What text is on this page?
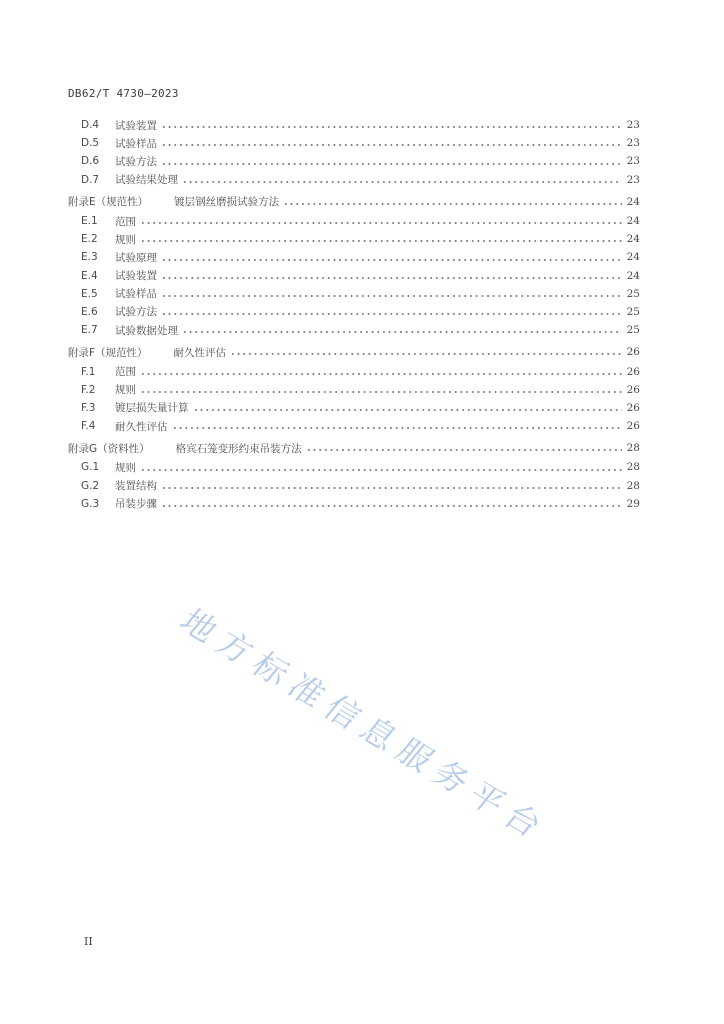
DB62/T 4730—2023
D.4	试验装置	23
D.5	试验样品	23
D.6	试验方法	23
D.7	试验结果处理	23
附录E（规范性） 镀层钢丝磨损试验方法	24
E.1	范围	24
E.2	规则	24
E.3	试验原理	24
E.4	试验装置	24
E.5	试验样品	25
E.6	试验方法	25
E.7	试验数据处理	25
附录F（规范性） 耐久性评估	26
F.1	范围	26
F.2	规则	26
F.3	镀层损失量计算	26
F.4	耐久性评估	26
附录G（资料性） 格宾石笼变形约束吊装方法	28
G.1	规则	28
G.2	装置结构	28
G.3	吊装步骤	29
地方标准信息服务平台
II
